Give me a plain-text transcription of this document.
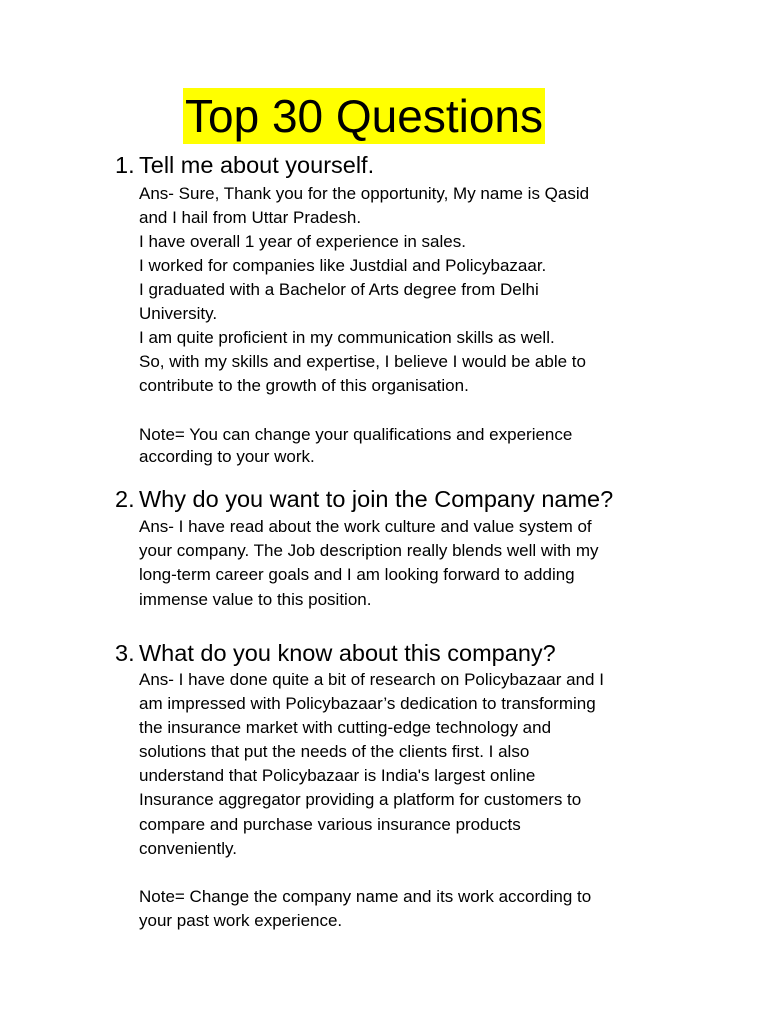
Top 30 Questions
1. Tell me about yourself.
Ans- Sure, Thank you for the opportunity, My name is Qasid
and I hail from Uttar Pradesh.
I have overall 1 year of experience in sales.
I worked for companies like Justdial and Policybazaar.
I graduated with a Bachelor of Arts degree from Delhi
University.
I am quite proficient in my communication skills as well.
So, with my skills and expertise, I believe I would be able to
contribute to the growth of this organisation.
Note= You can change your qualifications and experience
according to your work.
2. Why do you want to join the Company name?
Ans- I have read about the work culture and value system of
your company. The Job description really blends well with my
long-term career goals and I am looking forward to adding
immense value to this position.
3. What do you know about this company?
Ans- I have done quite a bit of research on Policybazaar and I
am impressed with Policybazaar’s dedication to transforming
the insurance market with cutting-edge technology and
solutions that put the needs of the clients first. I also
understand that Policybazaar is India's largest online
Insurance aggregator providing a platform for customers to
compare and purchase various insurance products
conveniently.
Note= Change the company name and its work according to
your past work experience.
